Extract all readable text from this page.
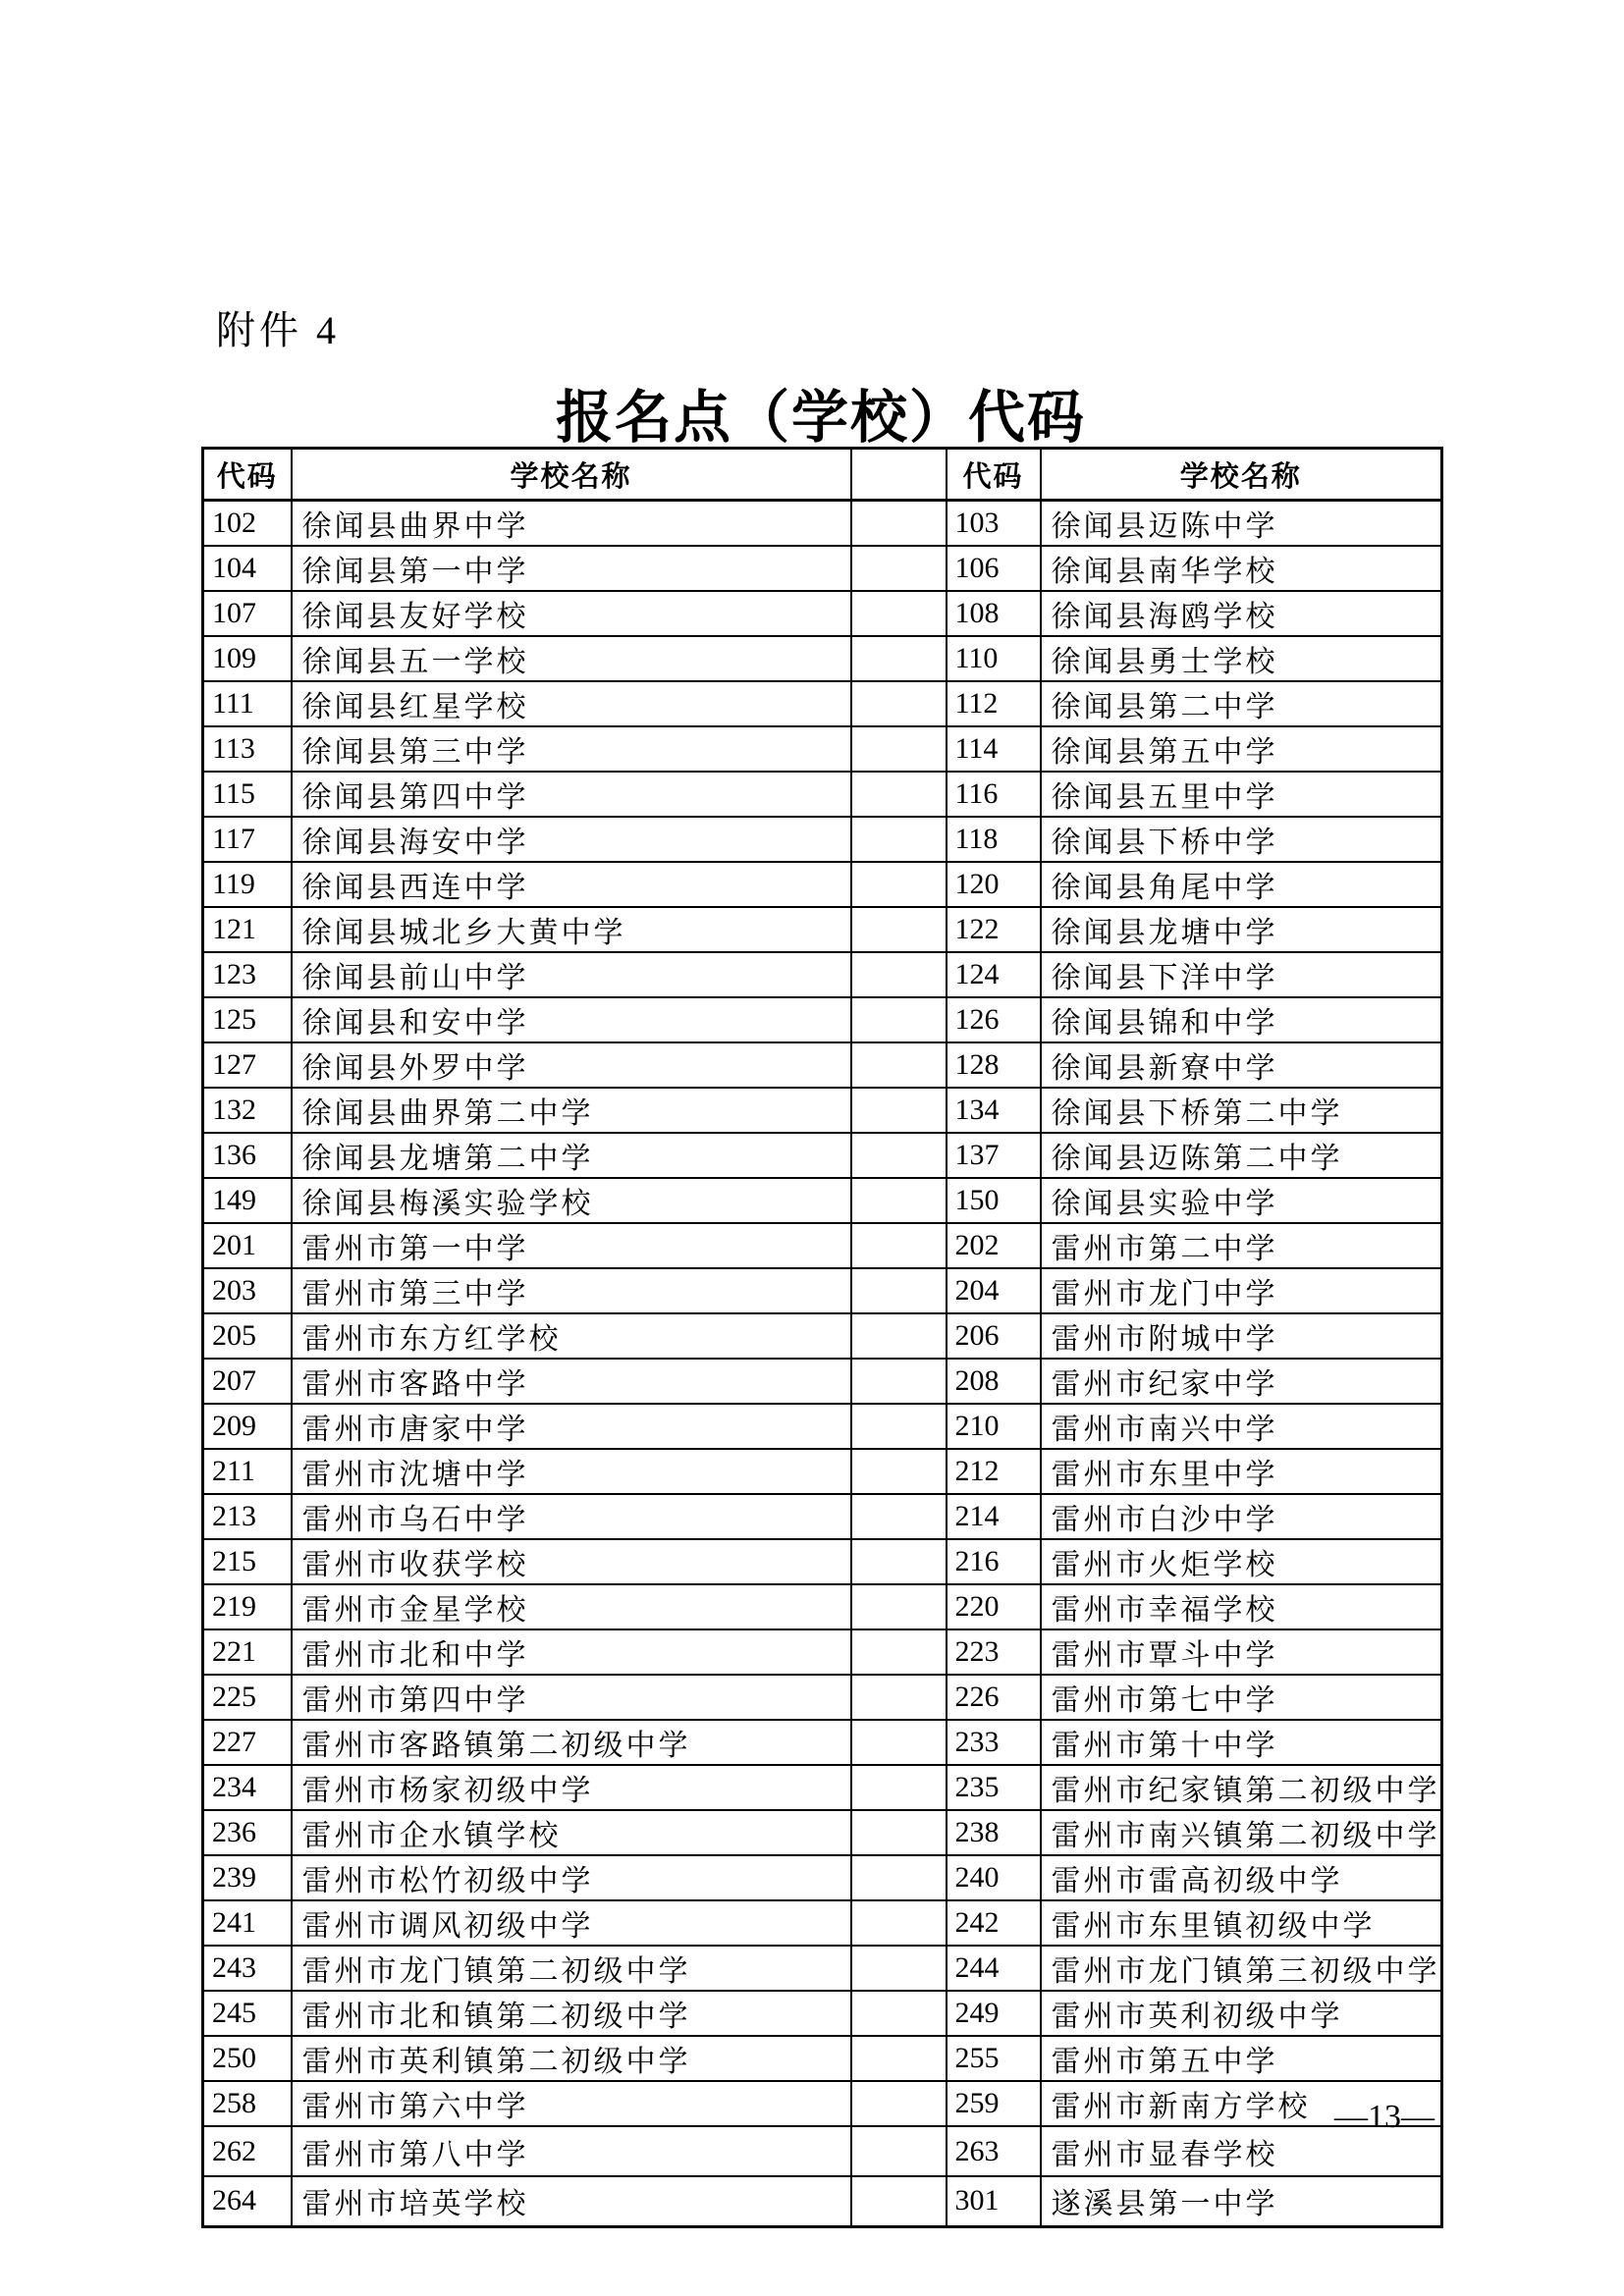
附件 4
报名点（学校）代码
代码	学校名称		代码	学校名称
102	徐闻县曲界中学		103	徐闻县迈陈中学
104	徐闻县第一中学		106	徐闻县南华学校
107	徐闻县友好学校		108	徐闻县海鸥学校
109	徐闻县五一学校		110	徐闻县勇士学校
111	徐闻县红星学校		112	徐闻县第二中学
113	徐闻县第三中学		114	徐闻县第五中学
115	徐闻县第四中学		116	徐闻县五里中学
117	徐闻县海安中学		118	徐闻县下桥中学
119	徐闻县西连中学		120	徐闻县角尾中学
121	徐闻县城北乡大黄中学		122	徐闻县龙塘中学
123	徐闻县前山中学		124	徐闻县下洋中学
125	徐闻县和安中学		126	徐闻县锦和中学
127	徐闻县外罗中学		128	徐闻县新寮中学
132	徐闻县曲界第二中学		134	徐闻县下桥第二中学
136	徐闻县龙塘第二中学		137	徐闻县迈陈第二中学
149	徐闻县梅溪实验学校		150	徐闻县实验中学
201	雷州市第一中学		202	雷州市第二中学
203	雷州市第三中学		204	雷州市龙门中学
205	雷州市东方红学校		206	雷州市附城中学
207	雷州市客路中学		208	雷州市纪家中学
209	雷州市唐家中学		210	雷州市南兴中学
211	雷州市沈塘中学		212	雷州市东里中学
213	雷州市乌石中学		214	雷州市白沙中学
215	雷州市收获学校		216	雷州市火炬学校
219	雷州市金星学校		220	雷州市幸福学校
221	雷州市北和中学		223	雷州市覃斗中学
225	雷州市第四中学		226	雷州市第七中学
227	雷州市客路镇第二初级中学		233	雷州市第十中学
234	雷州市杨家初级中学		235	雷州市纪家镇第二初级中学
236	雷州市企水镇学校		238	雷州市南兴镇第二初级中学
239	雷州市松竹初级中学		240	雷州市雷高初级中学
241	雷州市调风初级中学		242	雷州市东里镇初级中学
243	雷州市龙门镇第二初级中学		244	雷州市龙门镇第三初级中学
245	雷州市北和镇第二初级中学		249	雷州市英利初级中学
250	雷州市英利镇第二初级中学		255	雷州市第五中学
258	雷州市第六中学		259	雷州市新南方学校
262	雷州市第八中学		263	雷州市显春学校
264	雷州市培英学校		301	遂溪县第一中学
—13—
